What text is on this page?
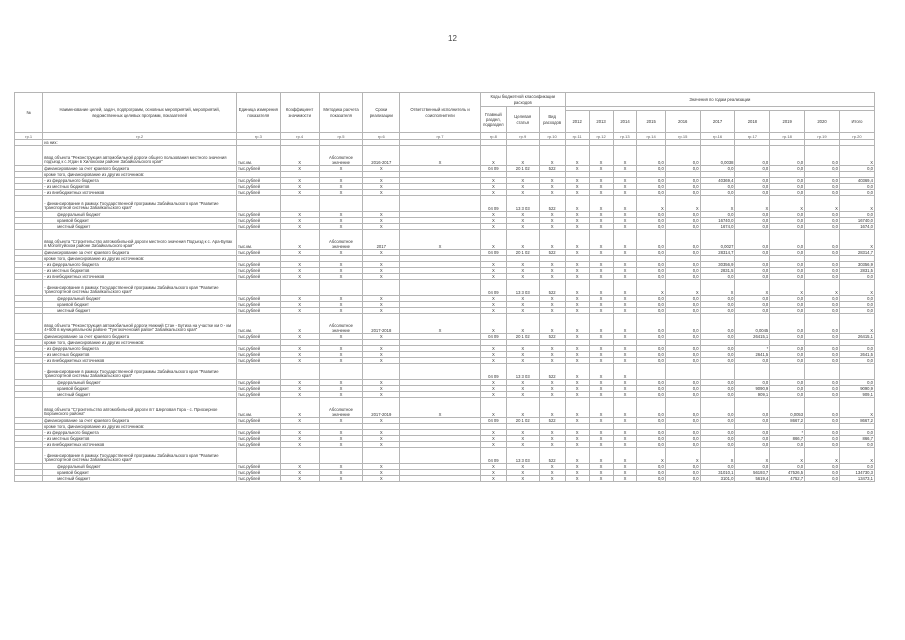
12
№	Наименование целей, задач, подпрограмм, основных мероприятий, мероприятий, ведомственных целевых программ, показателей	Единица измерения показателя	Коэффициент значимости	Методика расчета показателя	Сроки реализации	Ответственный исполнитель и соисполнители	Коды бюджетной классификации расходов			Значения по годам реализации									
							Главный раздел, подраздел	Целевая статья	Вид расходов										
										2012	2013	2014	2015	2016	2017	2018	2019	2020	Итого
гр.1	гр.2	гр.3	гр.4	гр.5	гр.6	гр.7	гр.8	гр.9	гр.10	гр.11	гр.12	гр.13	гр.14	гр.15	гр.16	гр.17	гр.18	гр.19	гр.20
	из них:																		
	ввод объекта "Реконструкция автомобильной дороги общего пользования местного значения подъезд к с.Угдан в Хилокском районе Забайкальского края"	тыс.км.	X	Абсолютное значение	2016-2017	X	X	X	X	X	X	X	0,0	0,0	0,0038	0,0	0,0	0,0	X
	финансирование за счет краевого бюджета	тыс.рублей	X	X	X		04 09	20 1 02	522	X	X	X	0,0	0,0	0,0	0,0	0,0	0,0	0,0
	кроме того, финансирование из других источников:																		
	- из федерального бюджета	тыс.рублей	X	X	X		X	X	X	X	X	X	0,0	0,0	40369,4	0,0	0,0	0,0	40369,4
	- из местных бюджетов	тыс.рублей	X	X	X		X	X	X	X	X	X	0,0	0,0	0,0	0,0	0,0	0,0	0,0
	- из внебюджетных источников	тыс.рублей	X	X	X		X	X	X	X	X	X	0,0	0,0	0,0	0,0	0,0	0,0	0,0
	- финансирование в рамках Государственной программы Забайкальского края "Развитие транспортной системы Забайкальского края"						04 09	13 3 03	522	X	X	X	X	X	X	X	X	X	X
	федеральный бюджет	тыс.рублей	X	X	X		X	X	X	X	X	X	0,0	0,0	0,0	0,0	0,0	0,0	0,0
	краевой бюджет	тыс.рублей	X	X	X		X	X	X	X	X	X	0,0	0,0	16740,0	0,0	0,0	0,0	16740,0
	местный бюджет	тыс.рублей	X	X	X		X	X	X	X	X	X	0,0	0,0	1674,0	0,0	0,0	0,0	1674,0
	ввод объекта "Строительство автомобильной дороги местного значения Подъезд к с. Ара-Булак в Могойтуйском районе Забайкальского края"	тыс.км.	X	Абсолютное значение	2017	X	X	X	X	X	X	X	0,0	0,0	0,0027	0,0	0,0	0,0	X
	финансирование за счет краевого бюджета	тыс.рублей	X	X	X		04 09	20 1 02	522	X	X	X	0,0	0,0	28314,7	0,0	0,0	0,0	28314,7
	кроме того, финансирование из других источников:																		
	- из федерального бюджета	тыс.рублей	X	X	X		X	X	X	X	X	X	0,0	0,0	30356,9	0,0	0,0	0,0	30356,9
	- из местных бюджетов	тыс.рублей	X	X	X		X	X	X	X	X	X	0,0	0,0	2831,5	0,0	0,0	0,0	2831,5
	- из внебюджетных источников	тыс.рублей	X	X	X		X	X	X	X	X	X	0,0	0,0	0,0	0,0	0,0	0,0	0,0
	- финансирование в рамках Государственной программы Забайкальского края "Развитие транспортной системы Забайкальского края"						04 09	13 3 03	522	X	X	X	X	X	X	X	X	X	X
	федеральный бюджет	тыс.рублей	X	X	X		X	X	X	X	X	X	0,0	0,0	0,0	0,0	0,0	0,0	0,0
	краевой бюджет	тыс.рублей	X	X	X		X	X	X	X	X	X	0,0	0,0	0,0	0,0	0,0	0,0	0,0
	местный бюджет	тыс.рублей	X	X	X		X	X	X	X	X	X	0,0	0,0	0,0	0,0	0,0	0,0	0,0
	ввод объекта "Реконструкция автомобильной дороги Нижний Стан - Бутиха на участке км 0 - км 4+500 в муниципальном районе "Тунгокоченский район" Забайкальского края"	тыс.км.	X	Абсолютное значение	2017-2018	X	X	X	X	X	X	X	0,0	0,0	0,0	0,0045	0,0	0,0	X
	финансирование за счет краевого бюджета	тыс.рублей	X	X	X		04 09	20 1 02	522	X	X	X	0,0	0,0	0,0	26415,1	0,0	0,0	26415,1
	кроме того, финансирование из других источников:																		
	- из федерального бюджета	тыс.рублей	X	X	X		X	X	X	X	X	X	0,0	0,0	0,0	*	0,0	0,0	0,0
	- из местных бюджетов	тыс.рублей	X	X	X		X	X	X	X	X	X	0,0	0,0	0,0	2641,5	0,0	0,0	2641,5
	- из внебюджетных источников	тыс.рублей	X	X	X		X	X	X	X	X	X	0,0	0,0	0,0	0,0	0,0	0,0	0,0
	- финансирование в рамках Государственной программы Забайкальского края "Развитие транспортной системы Забайкальского края"						04 09	13 3 03	522	X	X	X							
	федеральный бюджет	тыс.рублей	X	X	X		X	X	X	X	X	X	0,0	0,0	0,0	0,0	0,0	0,0	0,0
	краевой бюджет	тыс.рублей	X	X	X		X	X	X	X	X	X	0,0	0,0	0,0	9090,9	0,0	0,0	9090,9
	местный бюджет	тыс.рублей	X	X	X		X	X	X	X	X	X	0,0	0,0	0,0	909,1	0,0	0,0	909,1
	ввод объекта "Строительство автомобильной дороги пгт Шерловая Гора - с. Приозерное Борзинского района"	тыс.км.	X	Абсолютное значение	2017-2019	X	X	X	X	X	X	X	0,0	0,0	0,0	0,0	0,0053	0,0	X
	финансирование за счет краевого бюджета	тыс.рублей	X	X	X		04 09	20 1 02	522	X	X	X	0,0	0,0	0,0	0,0	8667,2	0,0	8667,2
	кроме того, финансирование из других источников:																		
	- из федерального бюджета	тыс.рублей	X	X	X		X	X	X	X	X	X	0,0	0,0	0,0	0,0	*	0,0	0,0
	- из местных бюджетов	тыс.рублей	X	X	X		X	X	X	X	X	X	0,0	0,0	0,0	0,0	866,7	0,0	866,7
	- из внебюджетных источников	тыс.рублей	X	X	X		X	X	X	X	X	X	0,0	0,0	0,0	0,0	0,0	0,0	0,0
	- финансирование в рамках Государственной программы Забайкальского края "Развитие транспортной системы Забайкальского края"						04 09	13 3 03	522	X	X	X	X	X	X	X	X	X	X
	федеральный бюджет	тыс.рублей	X	X	X		X	X	X	X	X	X	0,0	0,0	0,0	0,0	0,0	0,0	0,0
	краевой бюджет	тыс.рублей	X	X	X		X	X	X	X	X	X	0,0	0,0	31010,1	56193,7	47526,5	0,0	134730,3
	местный бюджет	тыс.рублей	X	X	X		X	X	X	X	X	X	0,0	0,0	3101,0	5619,4	4752,7	0,0	13473,1
